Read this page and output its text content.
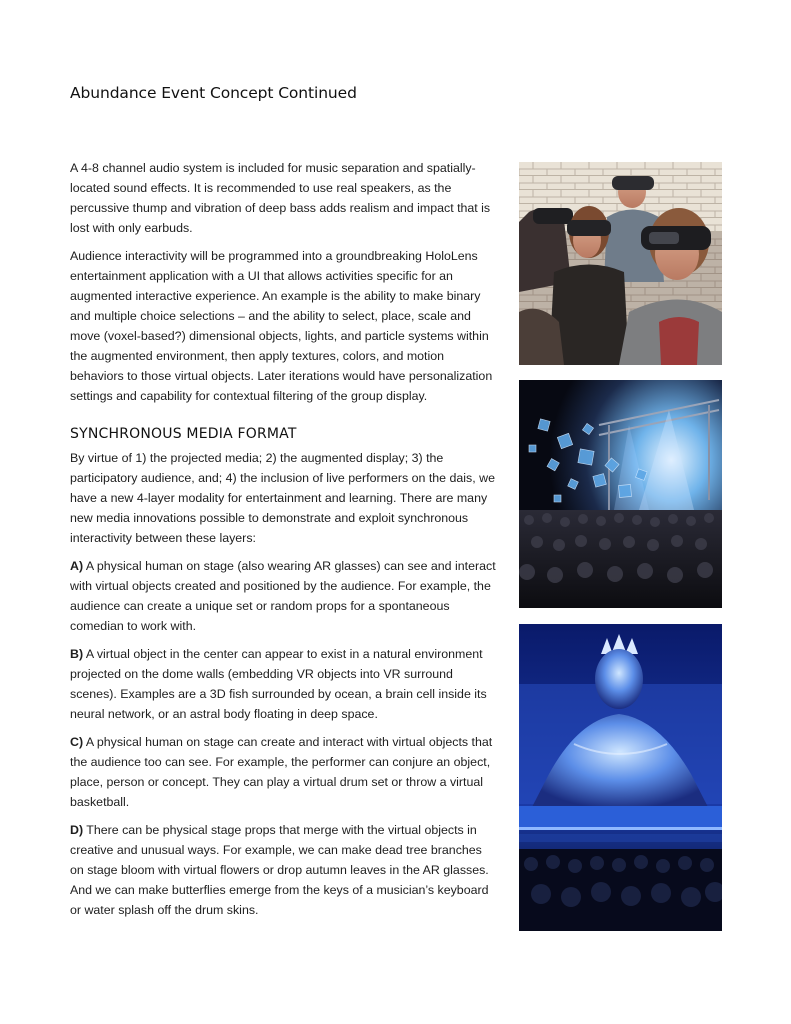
Abundance Event Concept Continued

A 4-8 channel audio system is included for music separation and spatially-located sound effects. It is recommended to use real speakers, as the percussive thump and vibration of deep bass adds realism and impact that is lost with only earbuds.

Audience interactivity will be programmed into a groundbreaking HoloLens entertainment application with a UI that allows activities specific for an augmented interactive experience. An example is the ability to make binary and multiple choice selections – and the ability to select, place, scale and move (voxel-based?) dimensional objects, lights, and particle systems within the augmented environment, then apply textures, colors, and motion behaviors to those virtual objects. Later iterations would have personalization settings and capability for contextual filtering of the group display.

SYNCHRONOUS MEDIA FORMAT

By virtue of 1) the projected media; 2) the augmented display; 3) the participatory audience, and; 4) the inclusion of live performers on the dais, we have a new 4-layer modality for entertainment and learning. There are many new media innovations possible to demonstrate and exploit synchronous interactivity between these layers:

A) A physical human on stage (also wearing AR glasses) can see and interact with virtual objects created and positioned by the audience. For example, the audience can create a unique set or random props for a spontaneous comedian to work with.

B) A virtual object in the center can appear to exist in a natural environment projected on the dome walls (embedding VR objects into VR surround scenes). Examples are a 3D fish surrounded by ocean, a brain cell inside its neural network, or an astral body floating in deep space.

C) A physical human on stage can create and interact with virtual objects that the audience too can see. For example, the performer can conjure an object, place, person or concept. They can play a virtual drum set or throw a virtual basketball.

D) There can be physical stage props that merge with the virtual objects in creative and unusual ways. For example, we can make dead tree branches on stage bloom with virtual flowers or drop autumn leaves in the AR glasses. And we can make butterflies emerge from the keys of a musician’s keyboard or water splash off the drum skins.
